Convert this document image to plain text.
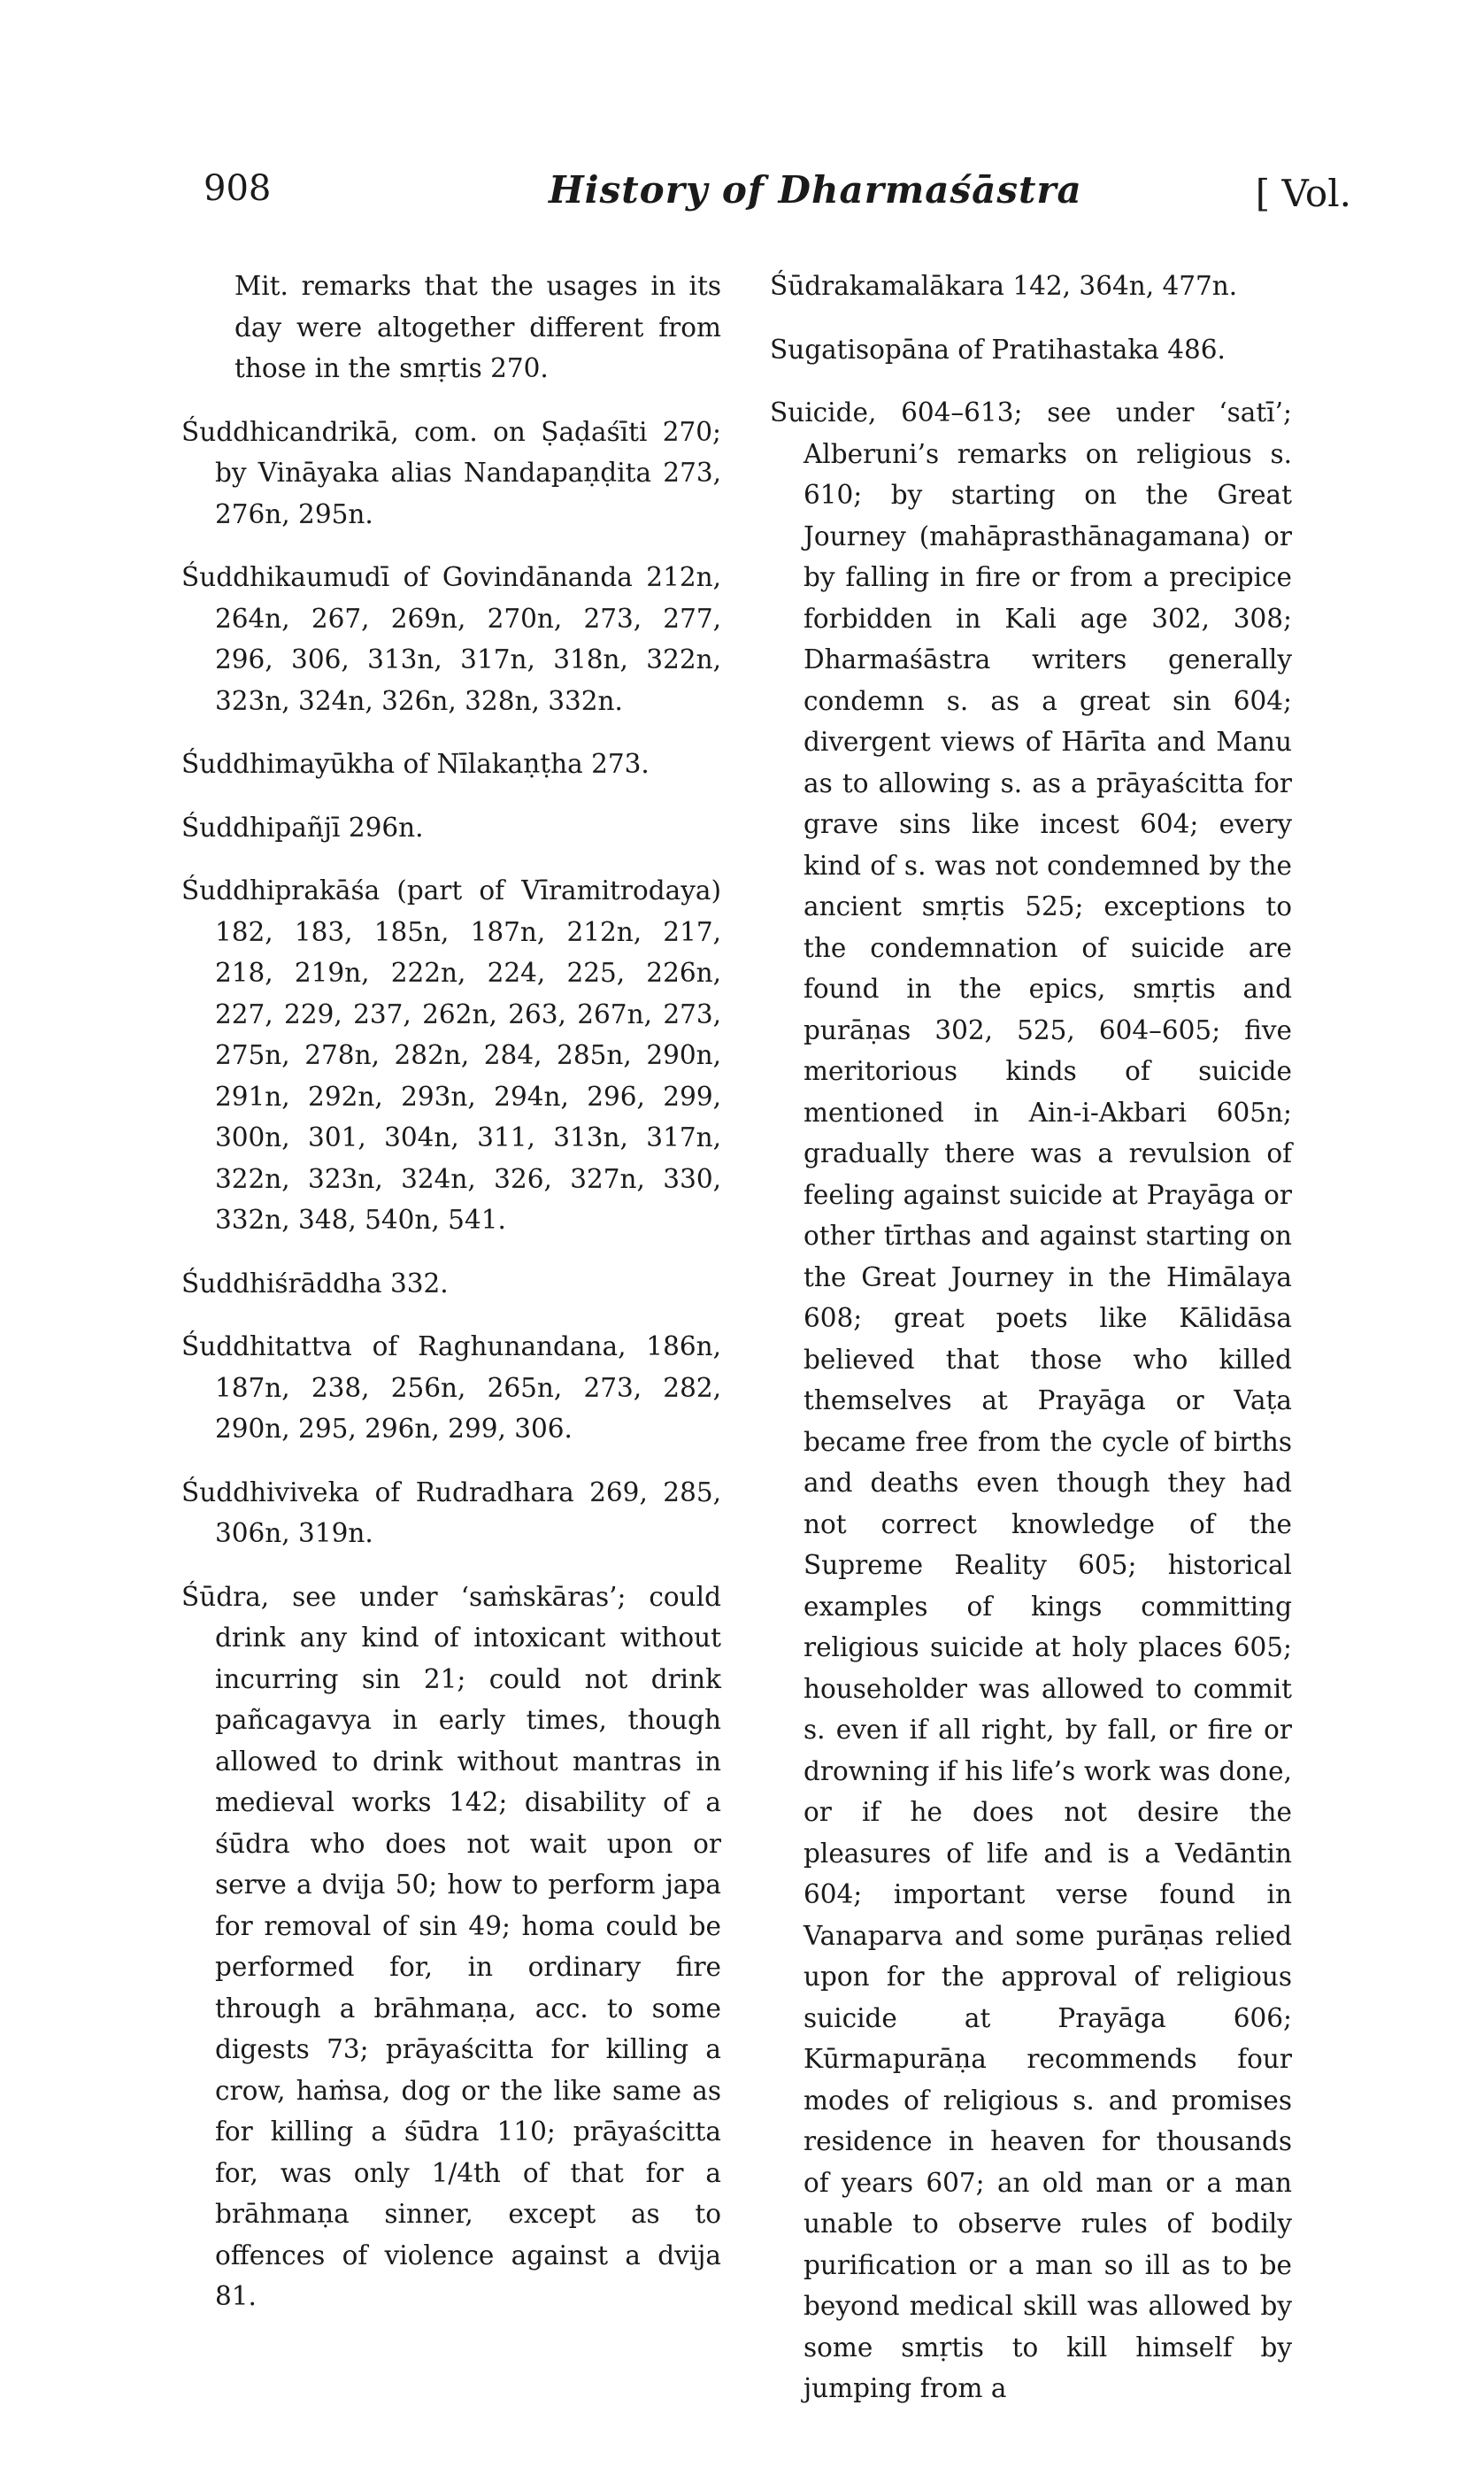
908	History of Dharmaśāstra	[ Vol.

Mit. remarks that the usages in its day were altogether different from those in the smṛtis 270.

Śuddhicandrikā, com. on Ṣaḍaśīti 270; by Vināyaka alias Nandapaṇḍita 273, 276n, 295n.

Śuddhikaumudī of Govindānanda 212n, 264n, 267, 269n, 270n, 273, 277, 296, 306, 313n, 317n, 318n, 322n, 323n, 324n, 326n, 328n, 332n.

Śuddhimayūkha of Nīlakaṇṭha 273.

Śuddhipañjī 296n.

Śuddhiprakāśa (part of Vīramitrodaya) 182, 183, 185n, 187n, 212n, 217, 218, 219n, 222n, 224, 225, 226n, 227, 229, 237, 262n, 263, 267n, 273, 275n, 278n, 282n, 284, 285n, 290n, 291n, 292n, 293n, 294n, 296, 299, 300n, 301, 304n, 311, 313n, 317n, 322n, 323n, 324n, 326, 327n, 330, 332n, 348, 540n, 541.

Śuddhiśrāddha 332.

Śuddhitattva of Raghunandana, 186n, 187n, 238, 256n, 265n, 273, 282, 290n, 295, 296n, 299, 306.

Śuddhiviveka of Rudradhara 269, 285, 306n, 319n.

Śūdra, see under ‘saṁskāras’; could drink any kind of intoxicant without incurring sin 21; could not drink pañcagavya in early times, though allowed to drink without mantras in medieval works 142; disability of a śūdra who does not wait upon or serve a dvija 50; how to perform japa for removal of sin 49; homa could be performed for, in ordinary fire through a brāhmaṇa, acc. to some digests 73; prāyaścitta for killing a crow, haṁsa, dog or the like same as for killing a śūdra 110; prāyaścitta for, was only 1/4th of that for a brāhmaṇa sinner, except as to offences of violence against a dvija 81.

Śūdrakamalākara 142, 364n, 477n.

Sugatisopāna of Pratihastaka 486.

Suicide, 604–613; see under ‘satī’; Alberuni’s remarks on religious s. 610; by starting on the Great Journey (mahāprasthānagamana) or by falling in fire or from a precipice forbidden in Kali age 302, 308; Dharmaśāstra writers generally condemn s. as a great sin 604; divergent views of Hārīta and Manu as to allowing s. as a prāyaścitta for grave sins like incest 604; every kind of s. was not condemned by the ancient smṛtis 525; exceptions to the condemnation of suicide are found in the epics, smṛtis and purāṇas 302, 525, 604–605; five meritorious kinds of suicide mentioned in Ain-i-Akbari 605n; gradually there was a revulsion of feeling against suicide at Prayāga or other tīrthas and against starting on the Great Journey in the Himālaya 608; great poets like Kālidāsa believed that those who killed themselves at Prayāga or Vaṭa became free from the cycle of births and deaths even though they had not correct knowledge of the Supreme Reality 605; historical examples of kings committing religious suicide at holy places 605; householder was allowed to commit s. even if all right, by fall, or fire or drowning if his life’s work was done, or if he does not desire the pleasures of life and is a Vedāntin 604; important verse found in Vanaparva and some purāṇas relied upon for the approval of religious suicide at Prayāga 606; Kūrmapurāṇa recommends four modes of religious s. and promises residence in heaven for thousands of years 607; an old man or a man unable to observe rules of bodily purification or a man so ill as to be beyond medical skill was allowed by some smṛtis to kill himself by jumping from a
